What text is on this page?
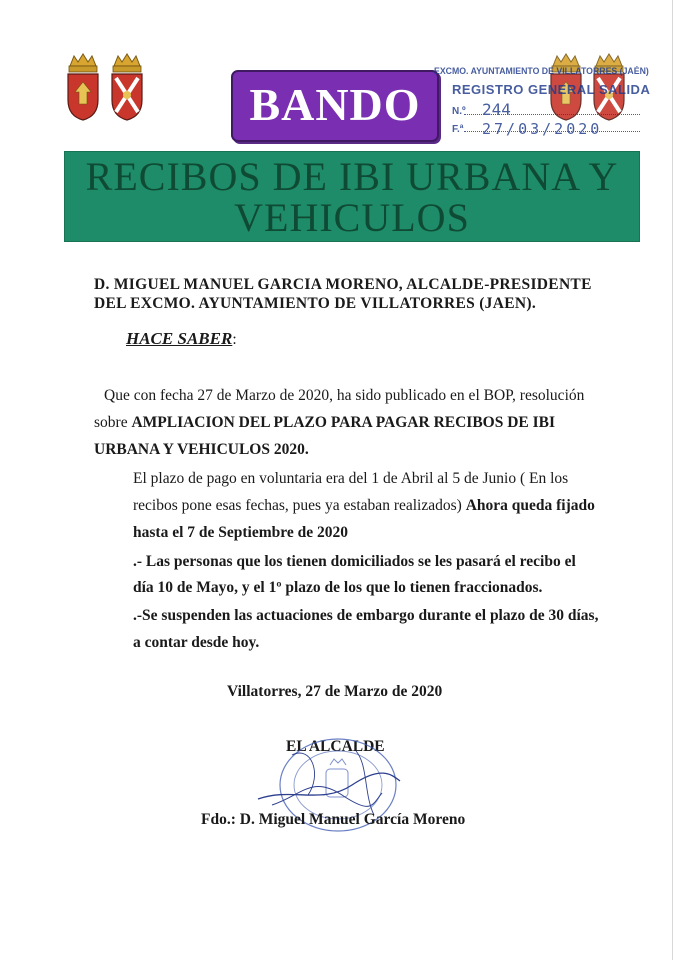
BANDO
EXCMO. AYUNTAMIENTO DE VILLATORRES (JAÉN)
REGISTRO GENERAL SALIDA
N.º 244
F.ª 27/03/2020
RECIBOS DE IBI URBANA Y
VEHICULOS
D. MIGUEL MANUEL GARCIA MORENO, ALCALDE-PRESIDENTE
DEL EXCMO. AYUNTAMIENTO DE VILLATORRES (JAEN).
HACE SABER:
Que con fecha 27 de Marzo de 2020, ha sido publicado en el BOP, resolución
sobre AMPLIACION DEL PLAZO PARA PAGAR RECIBOS DE IBI
URBANA Y VEHICULOS 2020.
El plazo de pago en voluntaria era del 1 de Abril al 5 de Junio ( En los
recibos pone esas fechas, pues ya estaban realizados) Ahora queda fijado
hasta el 7 de Septiembre de 2020
.- Las personas que los tienen domiciliados se les pasará el recibo el
día 10 de Mayo, y el 1º plazo de los que lo tienen fraccionados.
.-Se suspenden las actuaciones de embargo durante el plazo de 30 días,
a contar desde hoy.
Villatorres, 27 de Marzo de 2020
EL ALCALDE
Fdo.: D. Miguel Manuel García Moreno
